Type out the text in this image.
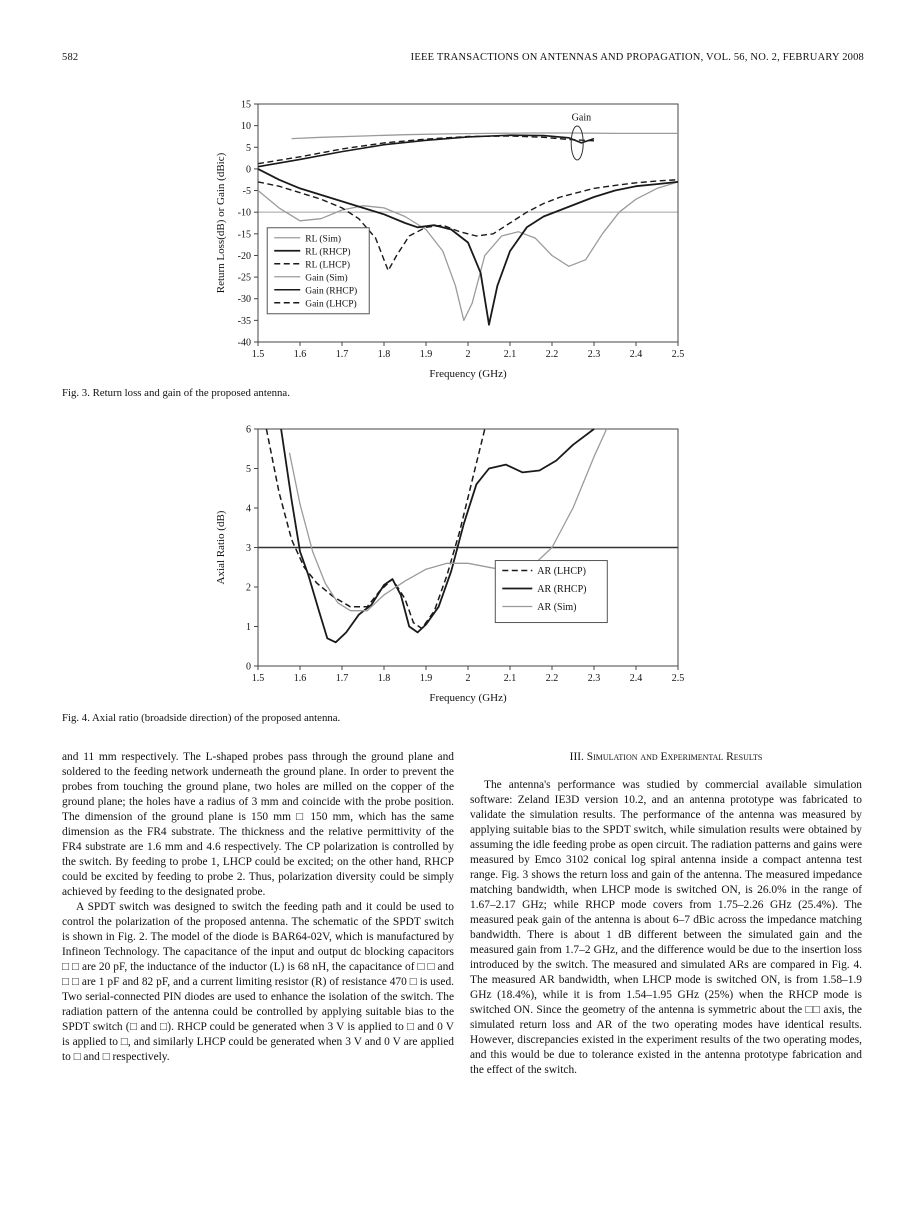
582	IEEE TRANSACTIONS ON ANTENNAS AND PROPAGATION, VOL. 56, NO. 2, FEBRUARY 2008
1.5	1.6	1.7	1.8	1.9	2	2.1	2.2	2.3	2.4	2.5
15
10
5
0
-5
-10
-15
-20
-25
-30
-35
-40
Frequency (GHz)
Return Loss(dB) or Gain (dBic)	RL (Sim)
RL (RHCP)
RL (LHCP)
Gain (Sim)
Gain (RHCP)
Gain (LHCP)
Gain
Fig. 3. Return loss and gain of the proposed antenna.
1.5	1.6	1.7	1.8	1.9	2	2.1	2.2	2.3	2.4	2.5
0
1
2
3
4
5
6
Frequency (GHz)
Axial Ratio (dB)	AR (LHCP)
AR (RHCP)
AR (Sim)
Fig. 4. Axial ratio (broadside direction) of the proposed antenna.

and 11 mm respectively. The L-shaped probes pass through the ground plane and soldered to the feeding network underneath the ground plane. In order to prevent the probes from touching the ground plane, two holes are milled on the copper of the ground plane; the holes have a radius of 3 mm and coincide with the probe position. The dimension of the ground plane is 150 mm □ 150 mm, which has the same dimension as the FR4 substrate. The thickness and the relative permittivity of the FR4 substrate are 1.6 mm and 4.6 respectively. The CP polarization is controlled by the switch. By feeding to probe 1, LHCP could be excited; on the other hand, RHCP could be excited by feeding to probe 2. Thus, polarization diversity could be simply achieved by feeding to the designated probe.

A SPDT switch was designed to switch the feeding path and it could be used to control the polarization of the proposed antenna. The schematic of the SPDT switch is shown in Fig. 2. The model of the diode is BAR64-02V, which is manufactured by Infineon Technology. The capacitance of the input and output dc blocking capacitors □ □ are 20 pF, the inductance of the inductor (L) is 68 nH, the capacitance of □ □ and □ □ are 1 pF and 82 pF, and a current limiting resistor (R) of resistance 470 □ is used. Two serial-connected PIN diodes are used to enhance the isolation of the switch. The radiation pattern of the antenna could be controlled by applying suitable bias to the SPDT switch (□ and □). RHCP could be generated when 3 V is applied to □ and 0 V is applied to □, and similarly LHCP could be generated when 3 V and 0 V are applied to □ and □ respectively.

III. Simulation and Experimental Results

The antenna's performance was studied by commercial available simulation software: Zeland IE3D version 10.2, and an antenna prototype was fabricated to validate the simulation results. The performance of the antenna was measured by applying suitable bias to the SPDT switch, while simulation results were obtained by assuming the idle feeding probe as open circuit. The radiation patterns and gains were measured by Emco 3102 conical log spiral antenna inside a compact antenna test range. Fig. 3 shows the return loss and gain of the antenna. The measured impedance matching bandwidth, when LHCP mode is switched ON, is 26.0% in the range of 1.67–2.17 GHz; while RHCP mode covers from 1.75–2.26 GHz (25.4%). The measured peak gain of the antenna is about 6–7 dBic across the impedance matching bandwidth. There is about 1 dB different between the simulated gain and the measured gain from 1.7–2 GHz, and the difference would be due to the insertion loss introduced by the switch. The measured and simulated ARs are compared in Fig. 4. The measured AR bandwidth, when LHCP mode is switched ON, is from 1.58–1.9 GHz (18.4%), while it is from 1.54–1.95 GHz (25%) when the RHCP mode is switched ON. Since the geometry of the antenna is symmetric about the □□ axis, the simulated return loss and AR of the two operating modes have identical results. However, discrepancies existed in the experiment results of the two operating modes, and this would be due to tolerance existed in the antenna prototype fabrication and the effect of the switch.
